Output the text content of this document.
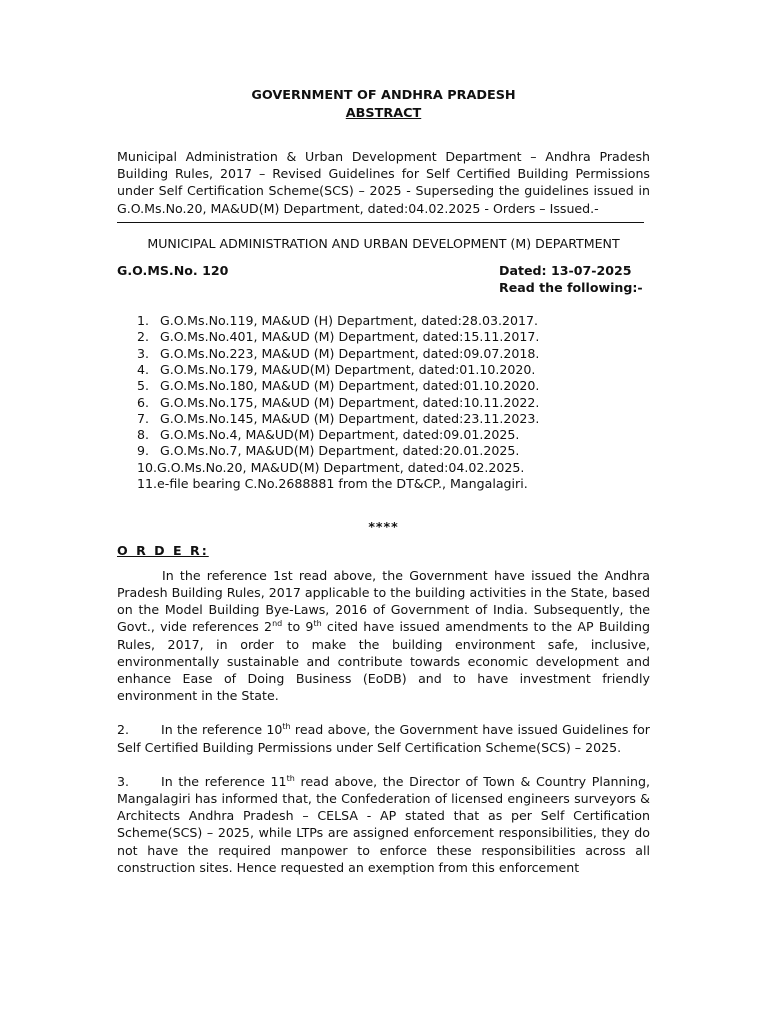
GOVERNMENT OF ANDHRA PRADESH
ABSTRACT
Municipal Administration & Urban Development Department – Andhra Pradesh Building Rules, 2017 – Revised Guidelines for Self Certified Building Permissions under Self Certification Scheme(SCS) – 2025 - Superseding the guidelines issued in G.O.Ms.No.20, MA&UD(M) Department, dated:04.02.2025 - Orders – Issued.-
MUNICIPAL ADMINISTRATION AND URBAN DEVELOPMENT (M) DEPARTMENT
G.O.MS.No. 120	Dated: 13-07-2025
Read the following:-
1. G.O.Ms.No.119, MA&UD (H) Department, dated:28.03.2017.
2. G.O.Ms.No.401, MA&UD (M) Department, dated:15.11.2017.
3. G.O.Ms.No.223, MA&UD (M) Department, dated:09.07.2018.
4. G.O.Ms.No.179, MA&UD(M) Department, dated:01.10.2020.
5. G.O.Ms.No.180, MA&UD (M) Department, dated:01.10.2020.
6. G.O.Ms.No.175, MA&UD (M) Department, dated:10.11.2022.
7. G.O.Ms.No.145, MA&UD (M) Department, dated:23.11.2023.
8. G.O.Ms.No.4, MA&UD(M) Department, dated:09.01.2025.
9. G.O.Ms.No.7, MA&UD(M) Department, dated:20.01.2025.
10. G.O.Ms.No.20, MA&UD(M) Department, dated:04.02.2025.
11. e-file bearing C.No.2688881 from the DT&CP., Mangalagiri.
****
O R D E R:

In the reference 1st read above, the Government have issued the Andhra Pradesh Building Rules, 2017 applicable to the building activities in the State, based on the Model Building Bye-Laws, 2016 of Government of India. Subsequently, the Govt., vide references 2nd to 9th cited have issued amendments to the AP Building Rules, 2017, in order to make the building environment safe, inclusive, environmentally sustainable and contribute towards economic development and enhance Ease of Doing Business (EoDB) and to have investment friendly environment in the State.

2.	In the reference 10th read above, the Government have issued Guidelines for Self Certified Building Permissions under Self Certification Scheme(SCS) – 2025.

3.	In the reference 11th read above, the Director of Town & Country Planning, Mangalagiri has informed that, the Confederation of licensed engineers surveyors & Architects Andhra Pradesh – CELSA - AP stated that as per Self Certification Scheme(SCS) – 2025, while LTPs are assigned enforcement responsibilities, they do not have the required manpower to enforce these responsibilities across all construction sites. Hence requested an exemption from this enforcement
